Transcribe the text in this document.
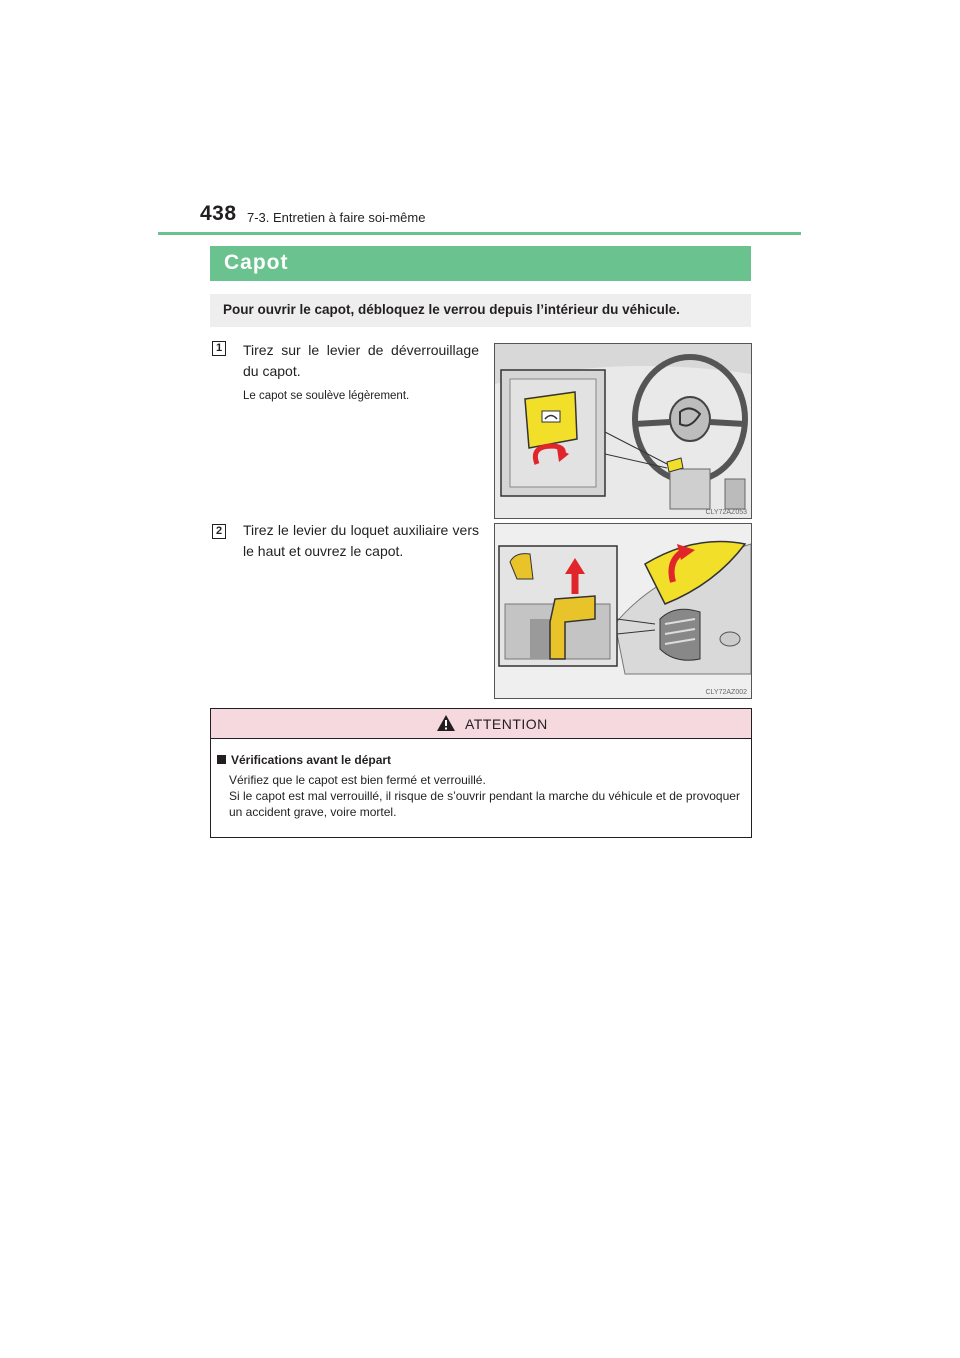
438 7-3. Entretien à faire soi-même
Capot
Pour ouvrir le capot, débloquez le verrou depuis l’intérieur du véhicule.
1 Tirez sur le levier de déverrouillage du capot.
Le capot se soulève légèrement.
CLY72AZ053
2 Tirez le levier du loquet auxiliaire vers le haut et ouvrez le capot.
CLY72AZ002
ATTENTION
Vérifications avant le départ
Vérifiez que le capot est bien fermé et verrouillé.
Si le capot est mal verrouillé, il risque de s’ouvrir pendant la marche du véhicule et de provoquer un accident grave, voire mortel.
